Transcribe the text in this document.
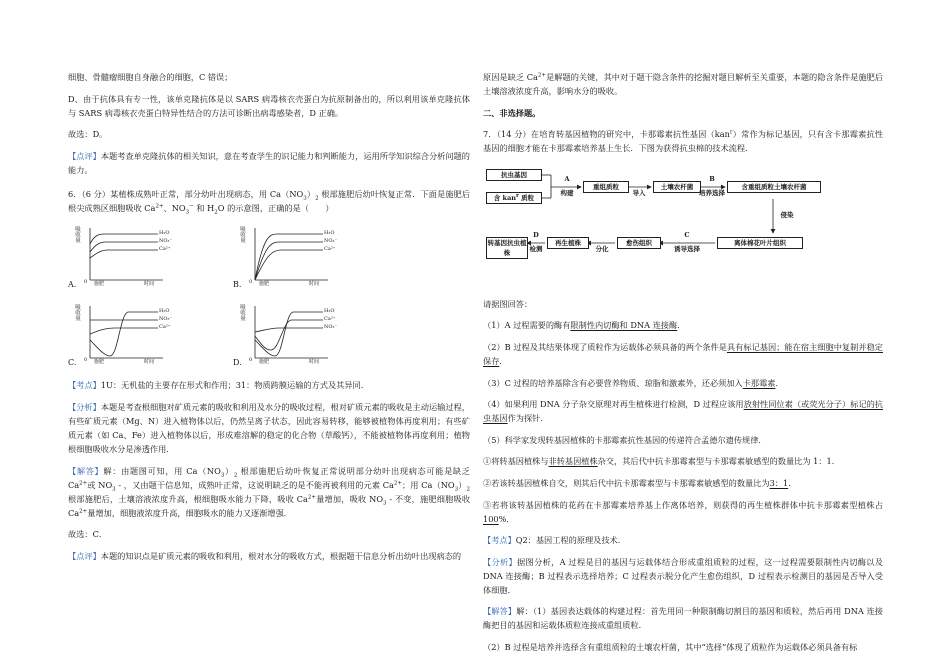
细胞、骨髓瘤细胞自身融合的细胞，C 错误；

D、由于抗体具有专一性，该单克隆抗体是以 SARS 病毒核衣壳蛋白为抗原制备出的，所以利用该单克隆抗体与 SARS 病毒核衣壳蛋白特异性结合的方法可诊断出病毒感染者，D 正确。

故选：D。

【点评】本题考查单克隆抗体的相关知识，意在考查学生的识记能力和判断能力，运用所学知识综合分析问题的能力。

6．（6 分）某植株成熟叶正常，部分幼叶出现病态，用 $Ca(NO_3)_2$ 根部施肥后幼叶恢复正常．下面是施肥后根尖成熟区细胞吸收 $Ca^{2+}$、$NO_3^-$ 和 $H_2O$ 的示意图，正确的是（　　）

吸收量	H₂O
NO₃⁻
Ca²⁺
0 施肥	时间
A.
吸收量	H₂O
NO₃⁻
Ca²⁺
0 施肥	时间
B.
吸收量	H₂O
NO₃⁻
Ca²⁺
0 施肥	时间
C.
吸收量	H₂O
Ca²⁺
NO₃⁻
0 施肥	时间
D.

【考点】1U：无机盐的主要存在形式和作用；31：物质跨膜运输的方式及其异同．

【分析】本题是考查根细胞对矿质元素的吸收和利用及水分的吸收过程，根对矿质元素的吸收是主动运输过程，有些矿质元素（Mg、N）进入植物体以后，仍然呈离子状态，因此容易转移，能够被植物体再度利用；有些矿质元素（如 Ca、Fe）进入植物体以后，形成难溶解的稳定的化合物（草酸钙），不能被植物体再度利用；植物根细胞吸收水分是渗透作用．

【解答】解：由题图可知，用 $Ca(NO_3)_2$ 根部施肥后幼叶恢复正常说明部分幼叶出现病态可能是缺乏 $Ca^{2+}$或 $NO_3$ - ，又由题干信息知，成熟叶正常，这说明缺乏的是不能再被利用的元素 $Ca^{2+}$；用 $Ca(NO_3)_2$ 根部施肥后，土壤溶液浓度升高，根细胞吸水能力下降，吸收 $Ca^{2+}$量增加，吸收 $NO_3$ - 不变，施肥细胞吸收 $Ca^{2+}$量增加，细胞液浓度升高，细胞吸水的能力又逐渐增强．

故选：C．

【点评】本题的知识点是矿质元素的吸收和利用，根对水分的吸收方式，根据题干信息分析出幼叶出现病态的

原因是缺乏 $Ca^{2+}$是解题的关键，其中对于题干隐含条件的挖掘对题目解析至关重要，本题的隐含条件是施肥后土壤溶液浓度升高，影响水分的吸收。

二、非选择题。

7．（14 分）在培育转基因植物的研究中，卡那霉素抗性基因（kan$^r$）常作为标记基因，只有含卡那霉素抗性基因的细胞才能在卡那霉素培养基上生长．下图为获得抗虫棉的技术流程．

抗虫基因
含 kan$^r$ 质粒
重组质粒	土壤农杆菌	含重组质粒土壤农杆菌
离体棉花叶片组织
愈伤组织
再生植株
转基因抗虫植株
A
构建	导入
B
培养选择
侵染
C
诱导选择
分化
D
检测

请据图回答：

（1）A 过程需要的酶有限制性内切酶和 DNA 连接酶．

（2）B 过程及其结果体现了质粒作为运载体必须具备的两个条件是具有标记基因；能在宿主细胞中复制并稳定保存．

（3）C 过程的培养基除含有必要营养物质、琼脂和激素外，还必须加入卡那霉素．

（4）如果利用 DNA 分子杂交原理对再生植株进行检测，D 过程应该用放射性同位素（或荧光分子）标记的抗虫基因作为探针．

（5）科学家发现转基因植株的卡那霉素抗性基因的传递符合孟德尔遗传规律．

①将转基因植株与非转基因植株杂交，其后代中抗卡那霉素型与卡那霉素敏感型的数量比为 1：1．

②若该转基因植株自交，则其后代中抗卡那霉素型与卡那霉素敏感型的数量比为3：1．

③若将该转基因植株的花药在卡那霉素培养基上作离体培养，则获得的再生植株群体中抗卡那霉素型植株占100%．

【考点】Q2：基因工程的原理及技术．

【分析】据图分析，A 过程是目的基因与运载体结合形成重组质粒的过程，这一过程需要限制性内切酶以及 DNA 连接酶；B 过程表示选择培养；C 过程表示脱分化产生愈伤组织，D 过程表示检测目的基因是否导入受体细胞．

【解答】解：（1）基因表达载体的构建过程：首先用同一种限制酶切割目的基因和质粒，然后再用 DNA 连接酶把目的基因和运载体质粒连接成重组质粒．

（2）B 过程是培养并选择含有重组质粒的土壤农杆菌，其中“选择”体现了质粒作为运载体必须具备有标
